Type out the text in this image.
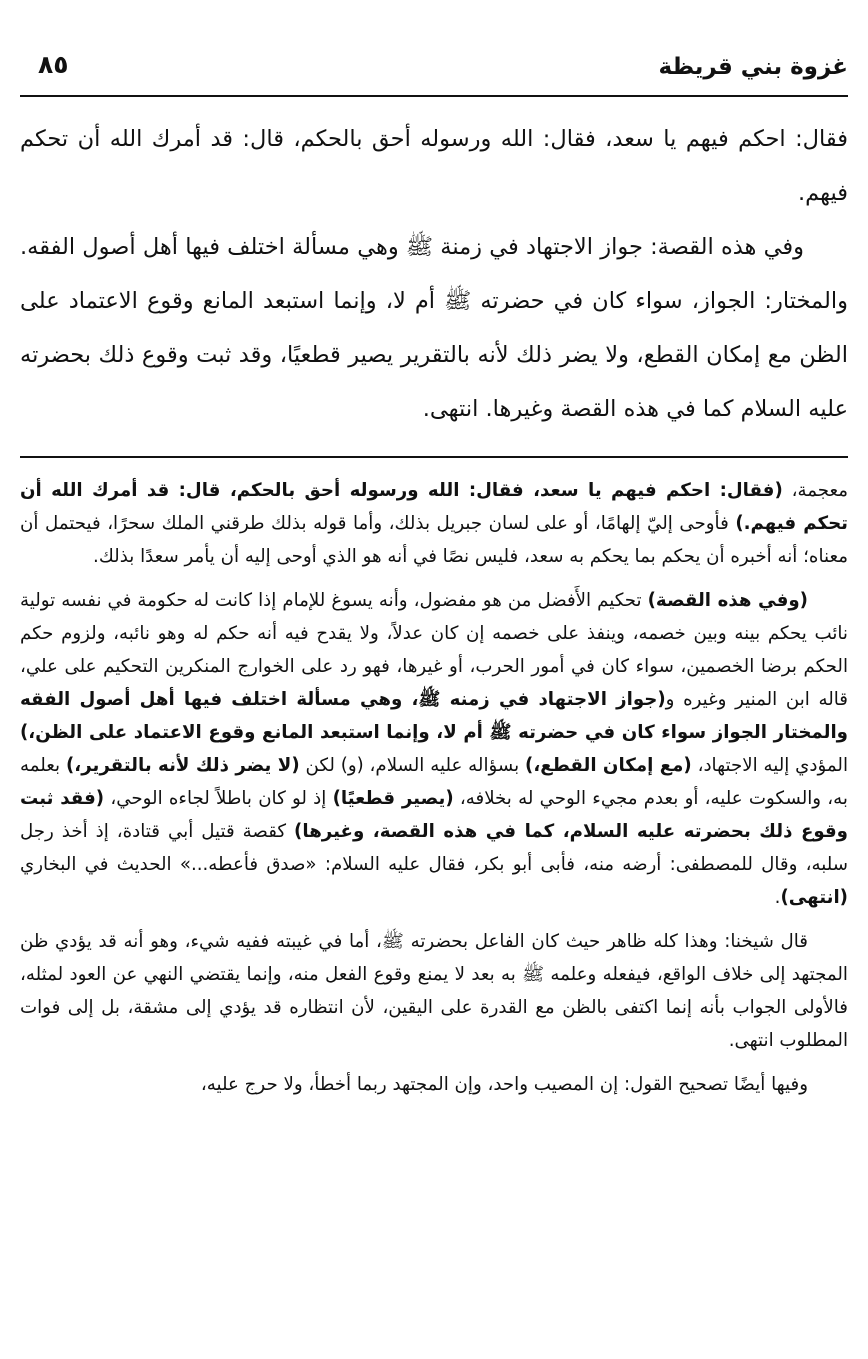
غزوة بني قريظة
٨٥

فقال: احكم فيهم يا سعد، فقال: الله ورسوله أحق بالحكم، قال: قد أمرك الله أن تحكم فيهم.

وفي هذه القصة: جواز الاجتهاد في زمنة ﷺ وهي مسألة اختلف فيها أهل أصول الفقه. والمختار: الجواز، سواء كان في حضرته ﷺ أم لا، وإنما استبعد المانع وقوع الاعتماد على الظن مع إمكان القطع، ولا يضر ذلك لأنه بالتقرير يصير قطعيًا، وقد ثبت وقوع ذلك بحضرته عليه السلام كما في هذه القصة وغيرها. انتهى.

معجمة، (فقال: احكم فيهم يا سعد، فقال: الله ورسوله أحق بالحكم، قال: قد أمرك الله أن تحكم فيهم.) فأوحى إليّ إلهامًا، أو على لسان جبريل بذلك، وأما قوله بذلك طرقني الملك سحرًا، فيحتمل أن معناه؛ أنه أخبره أن يحكم بما يحكم به سعد، فليس نصًا في أنه هو الذي أوحى إليه أن يأمر سعدًا بذلك.

(وفي هذه القصة) تحكيم الأَفضل من هو مفضول، وأنه يسوغ للإمام إذا كانت له حكومة في نفسه تولية نائب يحكم بينه وبين خصمه، وينفذ على خصمه إن كان عدلاً، ولا يقدح فيه أنه حكم له وهو نائبه، ولزوم حكم الحكم برضا الخصمين، سواء كان في أمور الحرب، أو غيرها، فهو رد على الخوارج المنكرين التحكيم على علي، قاله ابن المنير وغيره و(جواز الاجتهاد في زمنه ﷺ، وهي مسألة اختلف فيها أهل أصول الفقه والمختار الجواز سواء كان في حضرته ﷺ أم لا، وإنما استبعد المانع وقوع الاعتماد على الظن،) المؤدي إليه الاجتهاد، (مع إمكان القطع،) بسؤاله عليه السلام، (و) لكن (لا يضر ذلك لأنه بالتقرير،) بعلمه به، والسكوت عليه، أو بعدم مجيء الوحي له بخلافه، (يصير قطعيًا) إذ لو كان باطلاً لجاءه الوحي، (فقد ثبت وقوع ذلك بحضرته عليه السلام، كما في هذه القصة، وغيرها) كقصة قتيل أبي قتادة، إذ أخذ رجل سلبه، وقال للمصطفى: أرضه منه، فأبى أبو بكر، فقال عليه السلام: «صدق فأعطه...» الحديث في البخاري (انتهى).

قال شيخنا: وهذا كله ظاهر حيث كان الفاعل بحضرته ﷺ، أما في غيبته ففيه شيء، وهو أنه قد يؤدي ظن المجتهد إلى خلاف الواقع، فيفعله وعلمه ﷺ به بعد لا يمنع وقوع الفعل منه، وإنما يقتضي النهي عن العود لمثله، فالأولى الجواب بأنه إنما اكتفى بالظن مع القدرة على اليقين، لأن انتظاره قد يؤدي إلى مشقة، بل إلى فوات المطلوب انتهى.

وفيها أيضًا تصحيح القول: إن المصيب واحد، وإن المجتهد ربما أخطأ، ولا حرج عليه،
